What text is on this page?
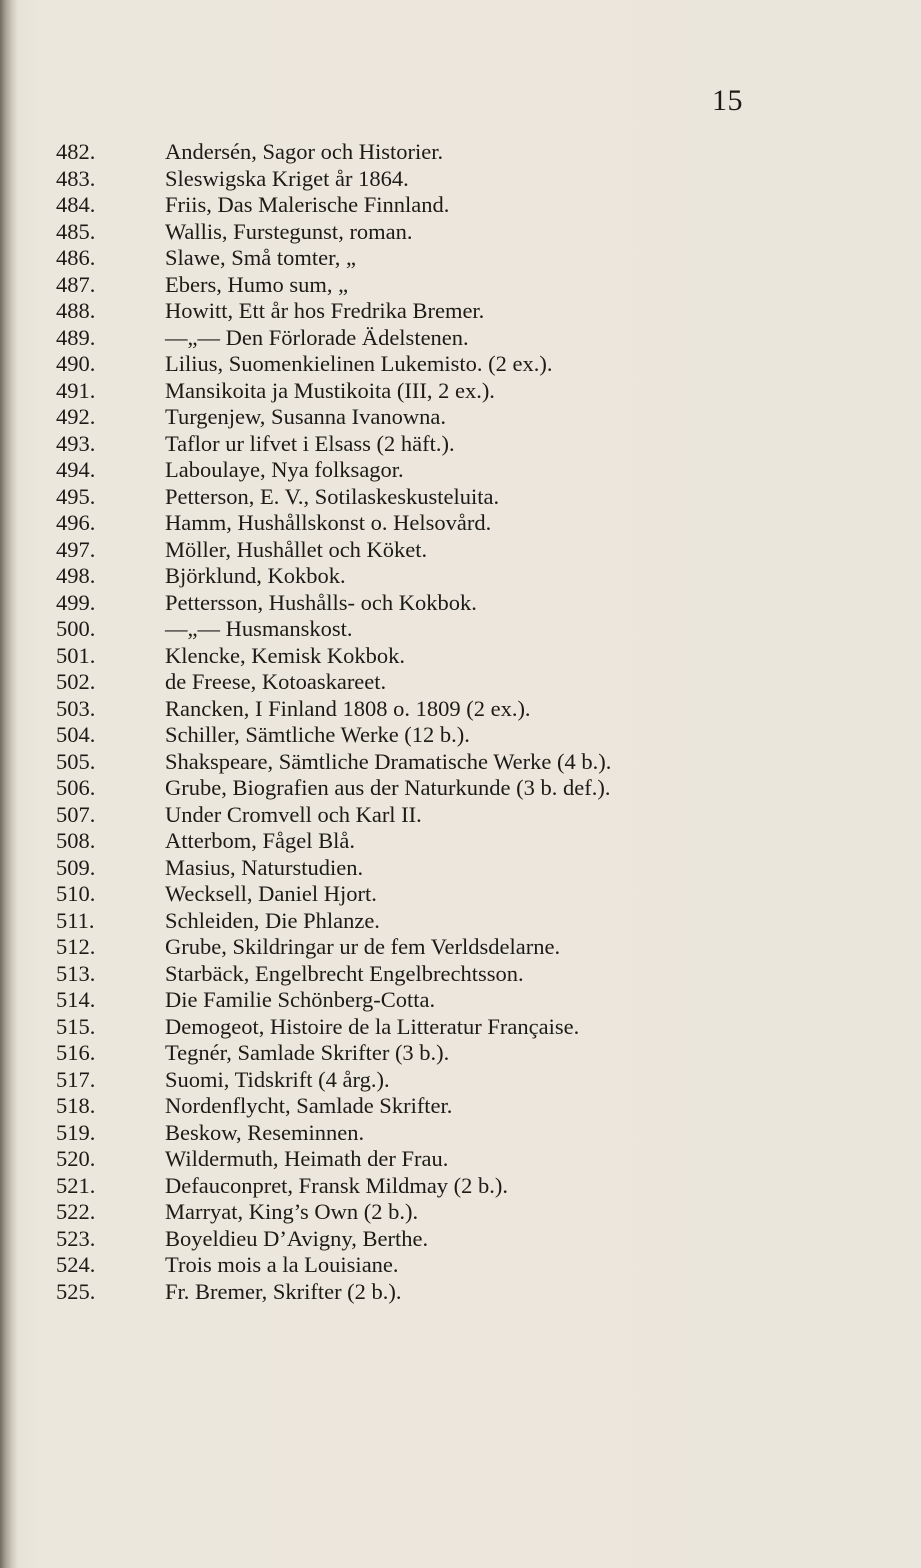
15
482.	Andersén, Sagor och Historier.
483.	Sleswigska Kriget år 1864.
484.	Friis, Das Malerische Finnland.
485.	Wallis, Furstegunst, roman.
486.	Slawe, Små tomter, „
487.	Ebers, Humo sum, „
488.	Howitt, Ett år hos Fredrika Bremer.
489.	—„— Den Förlorade Ädelstenen.
490.	Lilius, Suomenkielinen Lukemisto. (2 ex.).
491.	Mansikoita ja Mustikoita (III, 2 ex.).
492.	Turgenjew, Susanna Ivanowna.
493.	Taflor ur lifvet i Elsass (2 häft.).
494.	Laboulaye, Nya folksagor.
495.	Petterson, E. V., Sotilaskeskusteluita.
496.	Hamm, Hushållskonst o. Helsovård.
497.	Möller, Hushållet och Köket.
498.	Björklund, Kokbok.
499.	Pettersson, Hushålls- och Kokbok.
500.	—„— Husmanskost.
501.	Klencke, Kemisk Kokbok.
502.	de Freese, Kotoaskareet.
503.	Rancken, I Finland 1808 o. 1809 (2 ex.).
504.	Schiller, Sämtliche Werke (12 b.).
505.	Shakspeare, Sämtliche Dramatische Werke (4 b.).
506.	Grube, Biografien aus der Naturkunde (3 b. def.).
507.	Under Cromvell och Karl II.
508.	Atterbom, Fågel Blå.
509.	Masius, Naturstudien.
510.	Wecksell, Daniel Hjort.
511.	Schleiden, Die Phlanze.
512.	Grube, Skildringar ur de fem Verldsdelarne.
513.	Starbäck, Engelbrecht Engelbrechtsson.
514.	Die Familie Schönberg-Cotta.
515.	Demogeot, Histoire de la Litteratur Française.
516.	Tegnér, Samlade Skrifter (3 b.).
517.	Suomi, Tidskrift (4 årg.).
518.	Nordenflycht, Samlade Skrifter.
519.	Beskow, Reseminnen.
520.	Wildermuth, Heimath der Frau.
521.	Defauconpret, Fransk Mildmay (2 b.).
522.	Marryat, King’s Own (2 b.).
523.	Boyeldieu D’Avigny, Berthe.
524.	Trois mois a la Louisiane.
525.	Fr. Bremer, Skrifter (2 b.).
